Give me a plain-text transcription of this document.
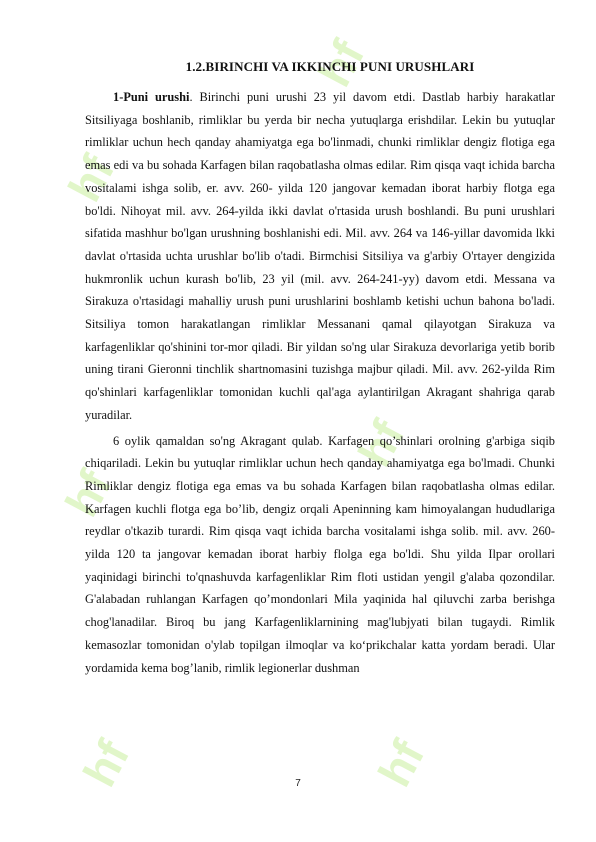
hf
hf
hf
hf
hf	hf
1.2.BIRINCHI VA IKKINCHI PUNI URUSHLARI

1-Puni urushi. Birinchi puni urushi 23 yil davom etdi. Dastlab harbiy harakatlar Sitsiliyaga boshlanib, rimliklar bu yerda bir necha yutuqlarga erishdilar. Lekin bu yutuqlar rimliklar uchun hech qanday ahamiyatga ega bo'linmadi, chunki rimliklar dengiz flotiga ega emas edi va bu sohada Karfagen bilan raqobatlasha olmas edilar. Rim qisqa vaqt ichida barcha vositalami ishga solib, er. avv. 260- yilda 120 jangovar kemadan iborat harbiy flotga ega bo'ldi. Nihoyat mil. avv. 264-yilda ikki davlat o'rtasida urush boshlandi. Bu puni urushlari sifatida mashhur bo'lgan urushning boshlanishi edi. Mil. avv. 264 va 146-yillar davomida lkki davlat o'rtasida uchta urushlar bo'lib o'tadi. Birmchisi Sitsiliya va g'arbiy O'rtayer dengizida hukmronlik uchun kurash bo'lib, 23 yil (mil. avv. 264-241-yy) davom etdi. Messana va Sirakuza o'rtasidagi mahalliy urush puni urushlarini boshlamb ketishi uchun bahona bo'ladi. Sitsiliya tomon harakatlangan rimliklar Messanani qamal qilayotgan Sirakuza va karfagenliklar qo'shinini tor-mor qiladi. Bir yildan so'ng ular Sirakuza devorlariga yetib borib uning tirani Gieronni tinchlik shartnomasini tuzishga majbur qiladi. Mil. avv. 262-yilda Rim qo'shinlari karfagenliklar tomonidan kuchli qal'aga aylantirilgan Akragant shahriga qarab yuradilar.

6 oylik qamaldan so'ng Akragant qulab. Karfagen qo’shinlari orolning g'arbiga siqib chiqariladi. Lekin bu yutuqlar rimliklar uchun hech qanday ahamiyatga ega bo'lmadi. Chunki Rimliklar dengiz flotiga ega emas va bu sohada Karfagen bilan raqobatlasha olmas edilar. Karfagen kuchli flotga ega bo’lib, dengiz orqali Apeninning kam himoyalangan hududlariga reydlar o'tkazib turardi. Rim qisqa vaqt ichida barcha vositalami ishga solib. mil. avv. 260-yilda 120 ta jangovar kemadan iborat harbiy flolga ega bo'ldi. Shu yilda Ilpar orollari yaqinidagi birinchi to'qnashuvda karfagenliklar Rim floti ustidan yengil g'alaba qozondilar. G'alabadan ruhlangan Karfagen qo’mondonlari Mila yaqinida hal qiluvchi zarba berishga chog'lanadilar. Biroq bu jang Karfagenliklarnining mag'lubjyati bilan tugaydi. Rimlik kemasozlar tomonidan o'ylab topilgan ilmoqlar va ko‘prikchalar katta yordam beradi. Ular yordamida kema bog’lanib, rimlik legionerlar dushman

7
